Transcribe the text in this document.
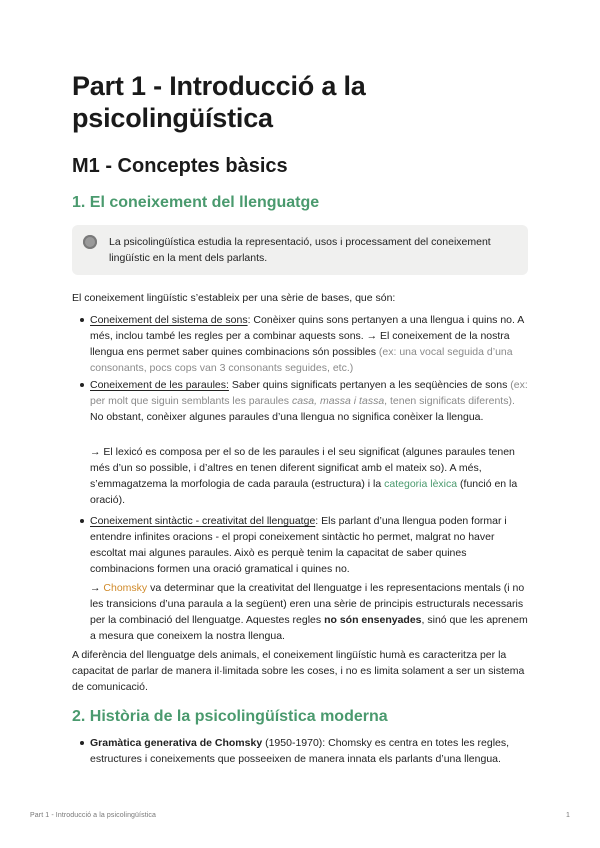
Part 1 - Introducció a la psicolingüística
M1 - Conceptes bàsics
1. El coneixement del llenguatge
La psicolingüística estudia la representació, usos i processament del coneixement lingüístic en la ment dels parlants.

El coneixement lingüístic s’estableix per una sèrie de bases, que són:

Coneixement del sistema de sons: Conèixer quins sons pertanyen a una llengua i quins no. A més, inclou també les regles per a combinar aquests sons. → El coneixement de la nostra llengua ens permet saber quines combinacions són possibles (ex: una vocal seguida d’una consonants, pocs cops van 3 consonants seguides, etc.)

Coneixement de les paraules: Saber quins significats pertanyen a les seqüències de sons (ex: per molt que siguin semblants les paraules casa, massa i tassa, tenen significats diferents). No obstant, conèixer algunes paraules d’una llengua no significa conèixer la llengua.

→ El lexicó es composa per el so de les paraules i el seu significat (algunes paraules tenen més d’un so possible, i d’altres en tenen diferent significat amb el mateix so). A més, s’emmagatzema la morfologia de cada paraula (estructura) i la categoria lèxica (funció en la oració).

Coneixement sintàctic - creativitat del llenguatge: Els parlant d’una llengua poden formar i entendre infinites oracions - el propi coneixement sintàctic ho permet, malgrat no haver escoltat mai algunes paraules. Això es perquè tenim la capacitat de saber quines combinacions formen una oració gramatical i quines no.

→ Chomsky va determinar que la creativitat del llenguatge i les representacions mentals (i no les transicions d’una paraula a la següent) eren una sèrie de principis estructurals necessaris per la combinació del llenguatge. Aquestes regles no són ensenyades, sinó que les aprenem a mesura que coneixem la nostra llengua.

A diferència del llenguatge dels animals, el coneixement lingüístic humà es caracteritza per la capacitat de parlar de manera il·limitada sobre les coses, i no es limita solament a ser un sistema de comunicació.

2. Història de la psicolingüística moderna

Gramàtica generativa de Chomsky (1950-1970): Chomsky es centra en totes les regles, estructures i coneixements que posseeixen de manera innata els parlants d’una llengua.

Part 1 - Introducció a la psicolingüística	1
